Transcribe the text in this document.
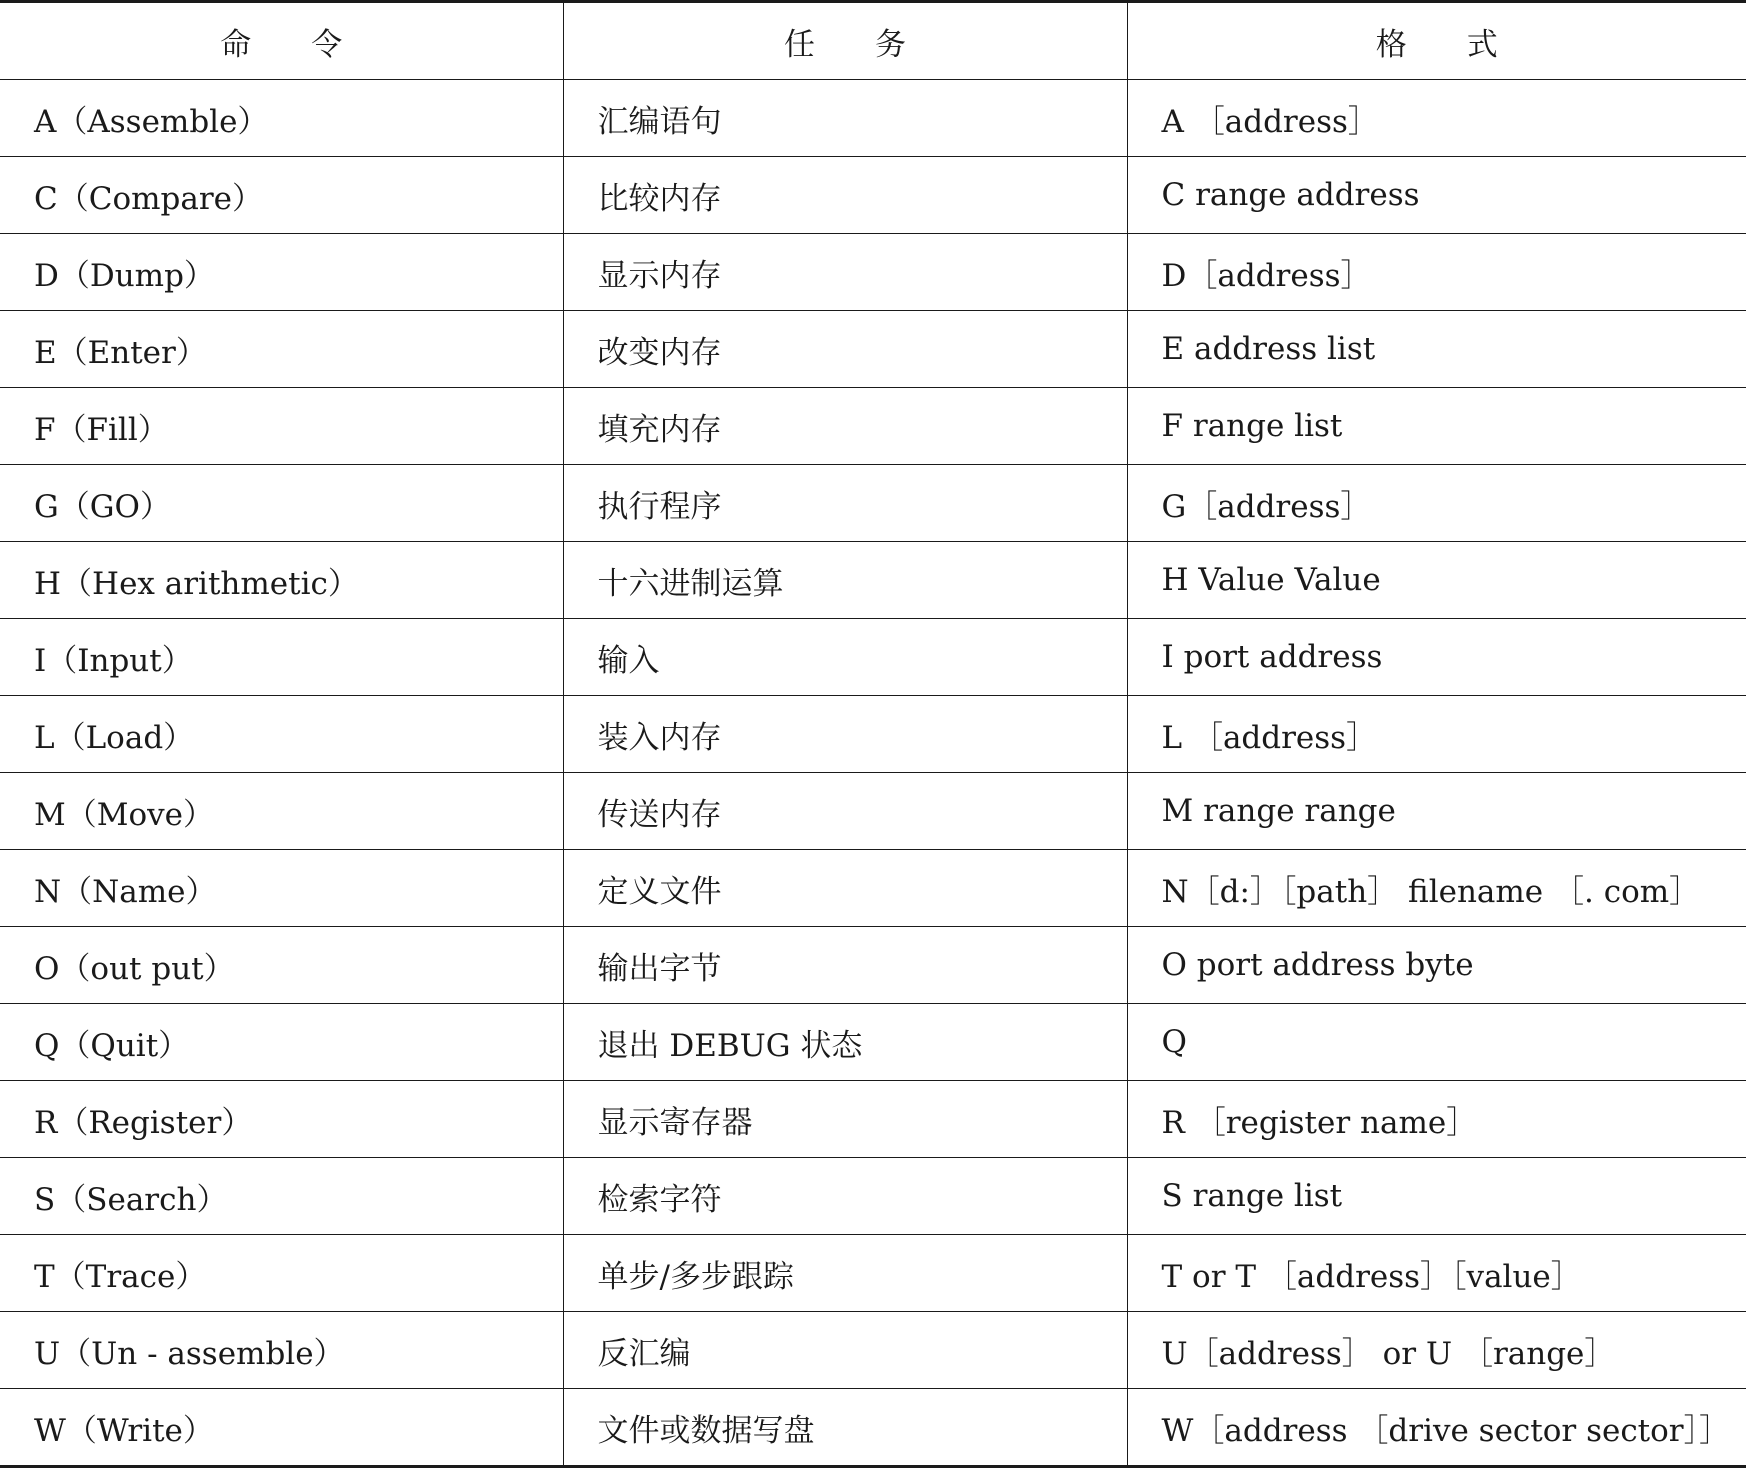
命令	任务	格式
A（Assemble）	汇编语句	A ［address］
C（Compare）	比较内存	C range address
D（Dump）	显示内存	D［address］
E（Enter）	改变内存	E address list
F（Fill）	填充内存	F range list
G（GO）	执行程序	G［address］
H（Hex arithmetic）	十六进制运算	H Value Value
I（Input）	输入	I port address
L（Load）	装入内存	L ［address］
M（Move）	传送内存	M range range
N（Name）	定义文件	N［d:］［path］ filename ［. com］
O（out put）	输出字节	O port address byte
Q（Quit）	退出 DEBUG 状态	Q
R（Register）	显示寄存器	R ［register name］
S（Search）	检索字符	S range list
T（Trace）	单步/多步跟踪	T or T ［address］［value］
U（Un - assemble）	反汇编	U［address］ or U ［range］
W（Write）	文件或数据写盘	W［address ［drive sector sector］］
